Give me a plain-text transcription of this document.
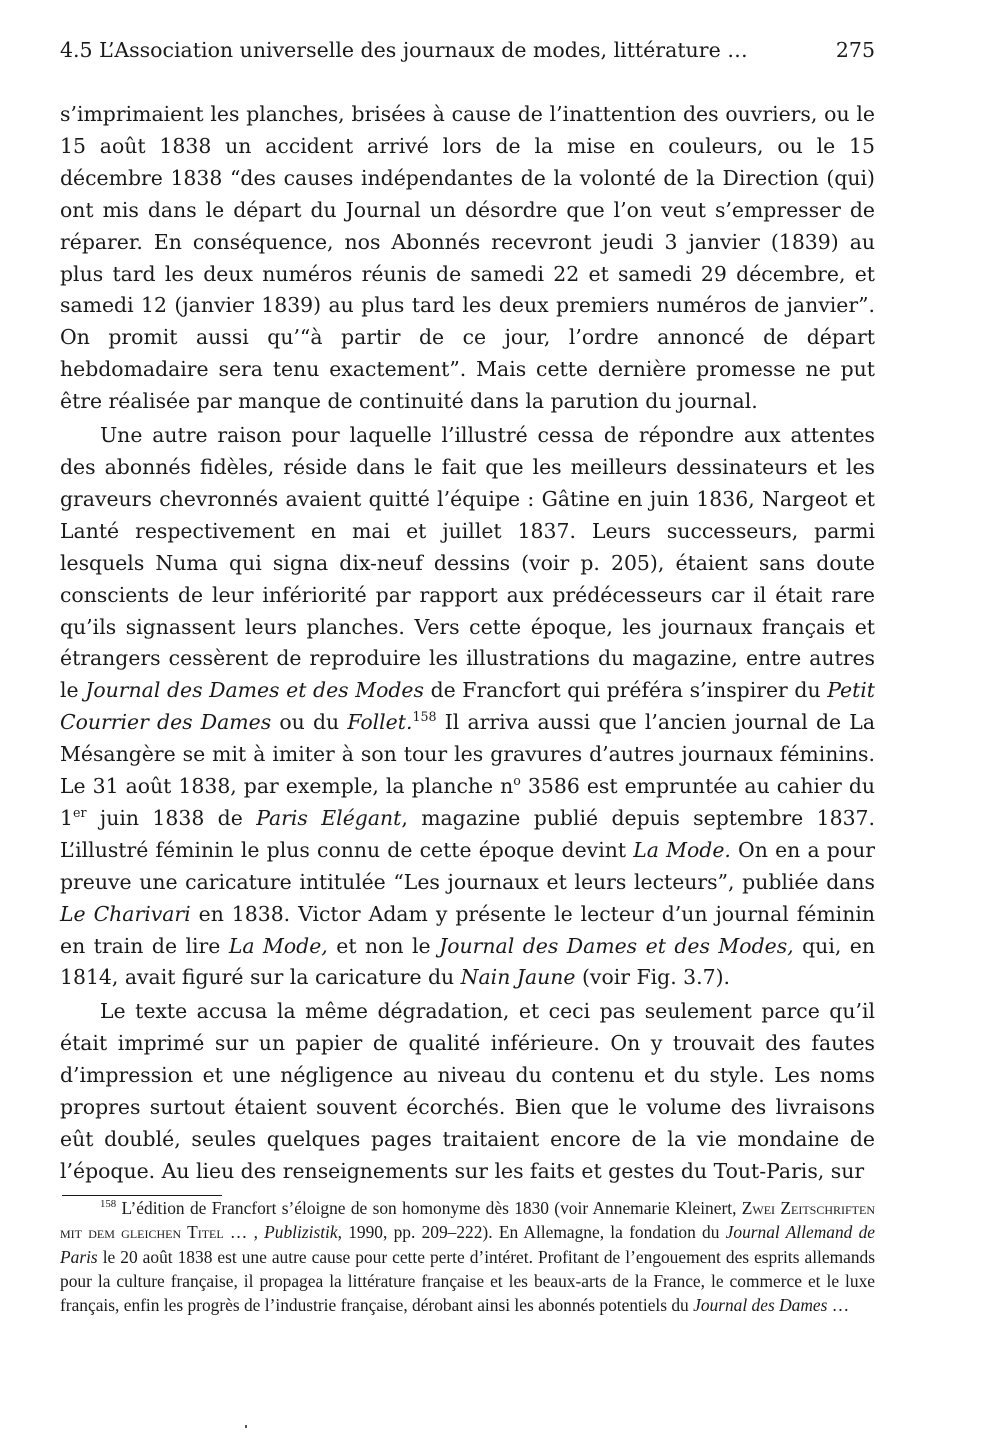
4.5 L’Association universelle des journaux de modes, littérature …	275

s’imprimaient les planches, brisées à cause de l’inattention des ouvriers, ou le 15 août 1838 un accident arrivé lors de la mise en couleurs, ou le 15 décembre 1838 “des causes indépendantes de la volonté de la Direction (qui) ont mis dans le départ du Journal un désordre que l’on veut s’empresser de réparer. En conséquence, nos Abonnés recevront jeudi 3 janvier (1839) au plus tard les deux numéros réunis de samedi 22 et samedi 29 décembre, et samedi 12 (janvier 1839) au plus tard les deux premiers numéros de janvier”. On promit aussi qu’“à partir de ce jour, l’ordre annoncé de départ hebdomadaire sera tenu exactement”. Mais cette dernière promesse ne put être réalisée par manque de continuité dans la parution du journal.

Une autre raison pour laquelle l’illustré cessa de répondre aux attentes des abonnés fidèles, réside dans le fait que les meilleurs dessinateurs et les graveurs chevronnés avaient quitté l’équipe : Gâtine en juin 1836, Nargeot et Lanté respectivement en mai et juillet 1837. Leurs successeurs, parmi lesquels Numa qui signa dix-neuf dessins (voir p. 205), étaient sans doute conscients de leur infériorité par rapport aux prédécesseurs car il était rare qu’ils signassent leurs planches. Vers cette époque, les journaux français et étrangers cessèrent de reproduire les illustrations du magazine, entre autres le Journal des Dames et des Modes de Francfort qui préféra s’inspirer du Petit Courrier des Dames ou du Follet.$^{158}$ Il arriva aussi que l’ancien journal de La Mésangère se mit à imiter à son tour les gravures d’autres journaux féminins. Le 31 août 1838, par exemple, la planche $n^o$ 3586 est empruntée au cahier du 1er juin 1838 de Paris Elégant, magazine publié depuis septembre 1837. L’illustré féminin le plus connu de cette époque devint La Mode. On en a pour preuve une caricature intitulée “Les journaux et leurs lecteurs”, publiée dans Le Charivari en 1838. Victor Adam y présente le lecteur d’un journal féminin en train de lire La Mode, et non le Journal des Dames et des Modes, qui, en 1814, avait figuré sur la caricature du Nain Jaune (voir Fig. 3.7).

Le texte accusa la même dégradation, et ceci pas seulement parce qu’il était imprimé sur un papier de qualité inférieure. On y trouvait des fautes d’impression et une négligence au niveau du contenu et du style. Les noms propres surtout étaient souvent écorchés. Bien que le volume des livraisons eût doublé, seules quelques pages traitaient encore de la vie mondaine de l’époque. Au lieu des renseignements sur les faits et gestes du Tout-Paris, sur

$^{158}$ L’édition de Francfort s’éloigne de son homonyme dès 1830 (voir Annemarie Kleinert, Zwei Zeitschriften mit dem gleichen Titel … , Publizistik, 1990, pp. 209–222). En Allemagne, la fondation du Journal Allemand de Paris le 20 août 1838 est une autre cause pour cette perte d’intéret. Profitant de l’engouement des esprits allemands pour la culture française, il propagea la littérature française et les beaux-arts de la France, le commerce et le luxe français, enfin les progrès de l’industrie française, dérobant ainsi les abonnés potentiels du Journal des Dames …
